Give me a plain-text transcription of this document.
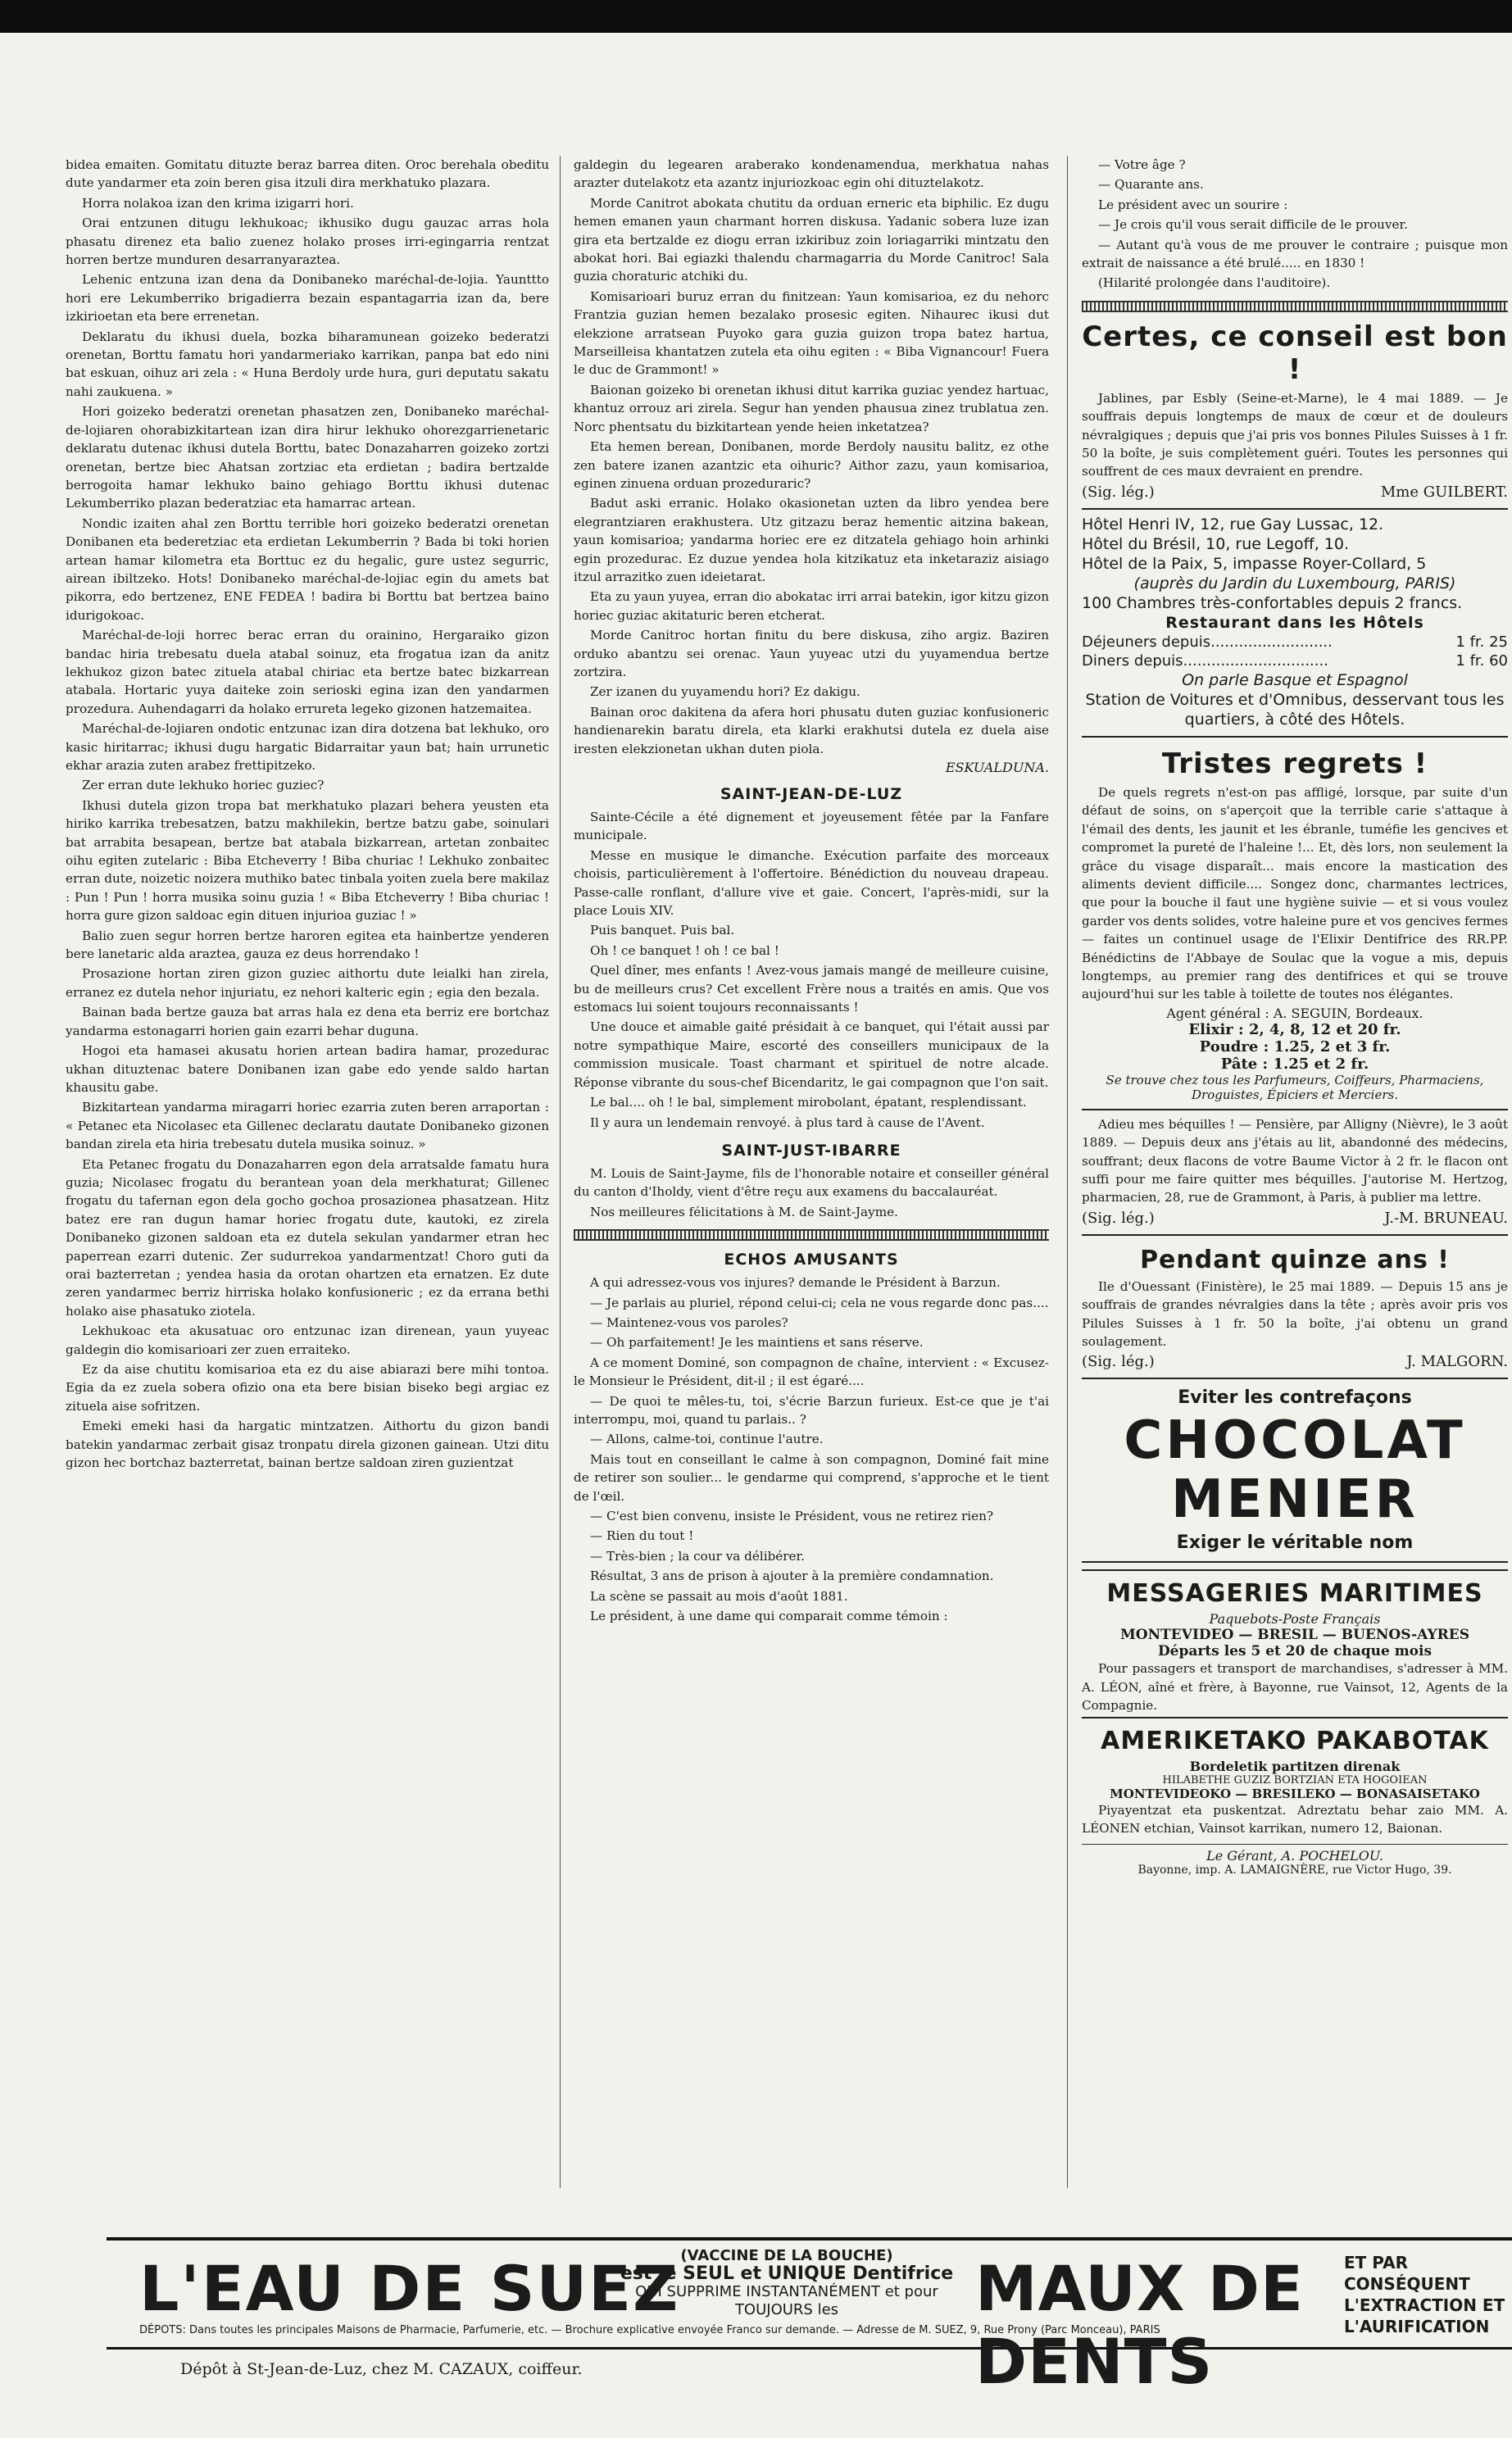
bidea emaiten. Gomitatu dituzte beraz barrea diten. Oroc berehala obeditu dute yandarmer eta zoin beren gisa itzuli dira merkhatuko plazara.

Horra nolakoa izan den krima izigarri hori.

Orai entzunen ditugu lekhukoac; ikhusiko dugu gauzac arras hola phasatu direnez eta balio zuenez holako proses irri-egingarria rentzat horren bertze munduren desarranyaraztea.

Lehenic entzuna izan dena da Donibaneko maréchal-de-lojia. Yaunttto hori ere Lekumberriko brigadierra bezain espantagarria izan da, bere izkirioetan eta bere errenetan.

Deklaratu du ikhusi duela, bozka biharamunean goizeko bederatzi orenetan, Borttu famatu hori yandarmeriako karrikan, panpa bat edo nini bat eskuan, oihuz ari zela : « Huna Berdoly urde hura, guri deputatu sakatu nahi zaukuena. »

Hori goizeko bederatzi orenetan phasatzen zen, Donibaneko maréchal-de-lojiaren ohorabizkitartean izan dira hirur lekhuko ohorezgarrienetaric deklaratu dutenac ikhusi dutela Borttu, batec Donazaharren goizeko zortzi orenetan, bertze biec Ahatsan zortziac eta erdietan ; badira bertzalde berrogoita hamar lekhuko baino gehiago Borttu ikhusi dutenac Lekumberriko plazan bederatziac eta hamarrac artean.

Nondic izaiten ahal zen Borttu terrible hori goizeko bederatzi orenetan Donibanen eta bederetziac eta erdietan Lekumberrin ? Bada bi toki horien artean hamar kilometra eta Borttuc ez du hegalic, gure ustez segurric, airean ibiltzeko. Hots! Donibaneko maréchal-de-lojiac egin du amets bat pikorra, edo bertzenez, ENE FEDEA ! badira bi Borttu bat bertzea baino idurigokoac.

Maréchal-de-loji horrec berac erran du orainino, Hergaraiko gizon bandac hiria trebesatu duela atabal soinuz, eta frogatua izan da anitz lekhukoz gizon batec zituela atabal chiriac eta bertze batec bizkarrean atabala. Hortaric yuya daiteke zoin serioski egina izan den yandarmen prozedura. Auhendagarri da holako errureta legeko gizonen hatzemaitea.

Maréchal-de-lojiaren ondotic entzunac izan dira dotzena bat lekhuko, oro kasic hiritarrac; ikhusi dugu hargatic Bidarraitar yaun bat; hain urrunetic ekhar arazia zuten arabez frettipitzeko.

Zer erran dute lekhuko horiec guziec?

Ikhusi dutela gizon tropa bat merkhatuko plazari behera yeusten eta hiriko karrika trebesatzen, batzu makhilekin, bertze batzu gabe, soinulari bat arrabita besapean, bertze bat atabala bizkarrean, artetan zonbaitec oihu egiten zutelaric : Biba Etcheverry ! Biba churiac ! Lekhuko zonbaitec erran dute, noizetic noizera muthiko batec tinbala yoiten zuela bere makilaz : Pun ! Pun ! horra musika soinu guzia ! « Biba Etcheverry ! Biba churiac ! horra gure gizon saldoac egin dituen injurioa guziac ! »

Balio zuen segur horren bertze haroren egitea eta hainbertze yenderen bere lanetaric alda araztea, gauza ez deus horrendako !

Prosazione hortan ziren gizon guziec aithortu dute leialki han zirela, erranez ez dutela nehor injuriatu, ez nehori kalteric egin ; egia den bezala.

Bainan bada bertze gauza bat arras hala ez dena eta berriz ere bortchaz yandarma estonagarri horien gain ezarri behar duguna.

Hogoi eta hamasei akusatu horien artean badira hamar, prozedurac ukhan dituztenac batere Donibanen izan gabe edo yende saldo hartan khausitu gabe.

Bizkitartean yandarma miragarri horiec ezarria zuten beren arraportan : « Petanec eta Nicolasec eta Gillenec declaratu dautate Donibaneko gizonen bandan zirela eta hiria trebesatu dutela musika soinuz. »

Eta Petanec frogatu du Donazaharren egon dela arratsalde famatu hura guzia; Nicolasec frogatu du berantean yoan dela merkhaturat; Gillenec frogatu du tafernan egon dela gocho gochoa prosazionea phasatzean. Hitz batez ere ran dugun hamar horiec frogatu dute, kautoki, ez zirela Donibaneko gizonen saldoan eta ez dutela sekulan yandarmer etran hec paperrean ezarri dutenic. Zer sudurrekoa yandarmentzat! Choro guti da orai bazterretan ; yendea hasia da orotan ohartzen eta ernatzen. Ez dute zeren yandarmec berriz hirriska holako konfusioneric ; ez da errana bethi holako aise phasatuko ziotela.

Lekhukoac eta akusatuac oro entzunac izan direnean, yaun yuyeac galdegin dio komisarioari zer zuen erraiteko.

Ez da aise chutitu komisarioa eta ez du aise abiarazi bere mihi tontoa. Egia da ez zuela soberа ofizio ona eta bere bisian biseko begi argiac ez zituela aise sofritzen.

Emeki emeki hasi da hargatic mintzatzen. Aithortu du gizon bandi batekin yandarmac zerbait gisaz tronpatu direla gizonen gainean. Utzi ditu gizon hec bortchaz bazterretat, bainan bertze saldoan ziren guzientzat

galdegin du legearen araberako kondenamendua, merkhatua nahas arazter dutelakotz eta azantz injuriozkoac egin ohi dituztelakotz.

Morde Canitrot abokata chutitu da orduan erneric eta biphilic. Ez dugu hemen emanen yaun charmant horren diskusa. Yadanic sobera luze izan gira eta bertzalde ez diogu erran izkiribuz zoin loriagarriki mintzatu den abokat hori. Bai egiazki thalendu charmagarria du Morde Canitroc! Sala guzia choraturic atchiki du.

Komisarioari buruz erran du finitzean: Yaun komisarioa, ez du nehorc Frantzia guzian hemen bezalako prosesic egiten. Nihaurec ikusi dut elekzione arratsean Puyoko gara guzia guizon tropa batez hartua, Marseilleisa khantatzen zutela eta oihu egiten : « Biba Vignancour! Fuera le duc de Grammont! »

Baionan goizeko bi orenetan ikhusi ditut karrika guziac yendez hartuac, khantuz orrouz ari zirela. Segur han yenden phausua zinez trublatua zen. Norc phentsatu du bizkitartean yende heien inketatzea?

Eta hemen berean, Donibanen, morde Berdoly nausitu balitz, ez othe zen batere izanen azantzic eta oihuric? Aithor zazu, yaun komisarioa, eginen zinuena orduan prozeduraric?

Badut aski erranic. Holako okasionetan uzten da libro yendea bere elegrantziaren erakhustera. Utz gitzazu beraz hementic aitzina bakean, yaun komisarioa; yandarma horiec ere ez ditzatela gehiago hoin arhinki egin prozedurac. Ez duzue yendea hola kitzikatuz eta inketaraziz aisiago itzul arrazitko zuen ideietarat.

Eta zu yaun yuyea, erran dio abokatac irri arrai batekin, igor kitzu gizon horiec guziac akitaturic beren etcherat.

Morde Canitroc hortan finitu du bere diskusa, zihо argiz. Baziren orduko abantzu sei orenac. Yaun yuyeac utzi du yuyamendua bertze zortzira.

Zer izanen du yuyamendu hori? Ez dakigu.

Bainan oroc dakitena da afera hori phusatu duten guziac konfusioneric handienarekin baratu direla, eta klarki erakhutsi dutela ez duela aise iresten elekzionetan ukhan duten piola.

ESKUALDUNA.
SAINT-JEAN-DE-LUZ

Sainte-Cécile a été dignement et joyeusement fêtée par la Fanfare municipale.

Messe en musique le dimanche. Exécution parfaite des morceaux choisis, particulièrement à l'offertoire. Bénédiction du nouveau drapeau. Passe-calle ronflant, d'allure vive et gaie. Concert, l'après-midi, sur la place Louis XIV.

Puis banquet. Puis bal.

Oh ! ce banquet ! oh ! ce bal !

Quel dîner, mes enfants ! Avez-vous jamais mangé de meilleure cuisine, bu de meilleurs crus? Cet excellent Frère nous a traités en amis. Que vos estomacs lui soient toujours reconnaissants !

Une douce et aimable gaité présidait à ce banquet, qui l'était aussi par notre sympathique Maire, escorté des conseillers municipaux de la commission musicale. Toast charmant et spirituel de notre alcade. Réponse vibrante du sous-chef Bicendaritz, le gai compagnon que l'on sait.

Le bal.... oh ! le bal, simplement mirobolant, épatant, resplendissant.

Il y aura un lendemain renvoyé. à plus tard à cause de l'Avent.

SAINT-JUST-IBARRE

M. Louis de Saint-Jayme, fils de l'honorable notaire et conseiller général du canton d'Iholdy, vient d'être reçu aux examens du baccalauréat.

Nos meilleures félicitations à M. de Saint-Jayme.

ECHOS AMUSANTS

A qui adressez-vous vos injures? demande le Président à Barzun.

— Je parlais au pluriel, répond celui-ci; cela ne vous regarde donc pas....

— Maintenez-vous vos paroles?

— Oh parfaitement! Je les maintiens et sans réserve.

A ce moment Dominé, son compagnon de chaîne, intervient : « Excusez-le Monsieur le Président, dit-il ; il est égaré....

— De quoi te mêles-tu, toi, s'écrie Barzun furieux. Est-ce que je t'ai interrompu, moi, quand tu parlais.. ?

— Allons, calme-toi, continue l'autre.

Mais tout en conseillant le calme à son compagnon, Dominé fait mine de retirer son soulier... le gendarme qui comprend, s'approche et le tient de l'œil.

— C'est bien convenu, insiste le Président, vous ne retirez rien?

— Rien du tout !

— Très-bien ; la cour va délibérer.

Résultat, 3 ans de prison à ajouter à la première condamnation.

La scène se passait au mois d'août 1881.

Le président, à une dame qui comparait comme témoin :

— Votre âge ?

— Quarante ans.

Le président avec un sourire :

— Je crois qu'il vous serait difficile de le prouver.

— Autant qu'à vous de me prouver le contraire ; puisque mon extrait de naissance a été brulé..... en 1830 !

(Hilarité prolongée dans l'auditoire).

Certes, ce conseil est bon !

Jablines, par Esbly (Seine-et-Marne), le 4 mai 1889. — Je souffrais depuis longtemps de maux de cœur et de douleurs névralgiques ; depuis que j'ai pris vos bonnes Pilules Suisses à 1 fr. 50 la boîte, je suis complètement guéri. Toutes les personnes qui souffrent de ces maux devraient en prendre.

(Sig. lég.)	Mme GUILBERT.
Hôtel Henri IV, 12, rue Gay Lussac, 12.
Hôtel du Brésil, 10, rue Legoff, 10.
Hôtel de la Paix, 5, impasse Royer-Collard, 5
(auprès du Jardin du Luxembourg, PARIS)
100 Chambres très-confortables depuis 2 francs.
Restaurant dans les Hôtels
Déjeuners depuis..........................	1 fr. 25
Diners depuis...............................	1 fr. 60
On parle Basque et Espagnol
Station de Voitures et d'Omnibus, desservant tous les quartiers, à côté des Hôtels.
Tristes regrets !

De quels regrets n'est-on pas affligé, lorsque, par suite d'un défaut de soins, on s'aperçoit que la terrible carie s'attaque à l'émail des dents, les jaunit et les ébranle, tuméfie les gencives et compromet la pureté de l'haleine !... Et, dès lors, non seulement la grâce du visage disparaît... mais encore la mastication des aliments devient difficile.... Songez donc, charmantes lectrices, que pour la bouche il faut une hygiène suivie — et si vous voulez garder vos dents solides, votre haleine pure et vos gencives fermes — faites un continuel usage de l'Elixir Dentifrice des RR.PP. Bénédictins de l'Abbaye de Soulac que la vogue a mis, depuis longtemps, au premier rang des dentifrices et qui se trouve aujourd'hui sur les table à toilette de toutes nos élégantes.

Agent général : A. SEGUIN, Bordeaux.
Elixir : 2, 4, 8, 12 et 20 fr.
Poudre : 1.25, 2 et 3 fr.
Pâte : 1.25 et 2 fr.
Se trouve chez tous les Parfumeurs, Coiffeurs, Pharmaciens, Droguistes, Épiciers et Merciers.

Adieu mes béquilles ! — Pensière, par Alligny (Nièvre), le 3 août 1889. — Depuis deux ans j'étais au lit, abandonné des médecins, souffrant; deux flacons de votre Baume Victor à 2 fr. le flacon ont suffi pour me faire quitter mes béquilles. J'autorise M. Hertzog, pharmacien, 28, rue de Grammont, à Paris, à publier ma lettre.

(Sig. lég.)	J.-M. BRUNEAU.
Pendant quinze ans !

Ile d'Ouessant (Finistère), le 25 mai 1889. — Depuis 15 ans je souffrais de grandes névralgies dans la tête ; après avoir pris vos Pilules Suisses à 1 fr. 50 la boîte, j'ai obtenu un grand soulagement.

(Sig. lég.)	J. MALGORN.
Eviter les contrefaçons
CHOCOLAT
MENIER
Exiger le véritable nom
MESSAGERIES MARITIMES
Paquebots-Poste Français
MONTEVIDEO — BRESIL — BUENOS-AYRES
Départs les 5 et 20 de chaque mois

Pour passagers et transport de marchandises, s'adresser à MM. A. LÉON, aîné et frère, à Bayonne, rue Vainsot, 12, Agents de la Compagnie.

AMERIKETAKO PAKABOTAK
Bordeletik partitzen direnak
HILABETHE GUZIZ BORTZIAN ETA HOGOIEAN
MONTEVIDEOKO — BRESILEKO — BONASAISETAKO

Piyayentzat eta puskentzat. Adreztatu behar zaio MM. A. LÉONEN etchian, Vainsot karrikan, numero 12, Baionan.

Le Gérant, A. POCHELOU.
Bayonne, imp. A. LAMAIGNÈRE, rue Victor Hugo, 39.
L'EAU DE SUEZ (VACCINE DE LA BOUCHE)
est le SEUL et UNIQUE Dentifrice
QUI SUPPRIME INSTANTANÉMENT et pour TOUJOURS les	MAUX DE DENTS
ET PAR CONSÉQUENT L'EXTRACTION ET L'AURIFICATION
DÉPOTS: Dans toutes les principales Maisons de Pharmacie, Parfumerie, etc. — Brochure explicative envoyée Franco sur demande. — Adresse de M. SUEZ, 9, Rue Prony (Parc Monceau), PARIS
Dépôt à St-Jean-de-Luz, chez M. CAZAUX, coiffeur.
